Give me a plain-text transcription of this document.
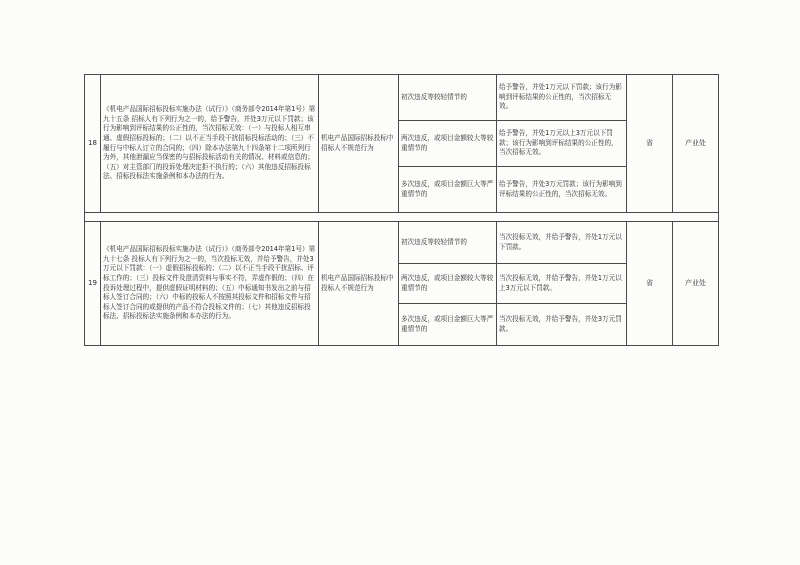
18	《机电产品国际招标投标实施办法（试行）》（商务部令2014年第1号）第九十五条 招标人有下列行为之一的，给予警告，并处3万元以下罚款；该行为影响到评标结果的公正性的，当次招标无效：（一）与投标人相互串通、虚假招标投标的；（二）以不正当手段干扰招标投标活动的；（三）不履行与中标人订立的合同的；（四）除本办法第九十四条第十二项所列行为外，其他泄漏应当保密的与招标投标活动有关的情况、材料或信息的；（五）对主管部门的投诉处理决定拒不执行的；（六）其他违反招标投标法、招标投标法实施条例和本办法的行为。	机电产品国际招标投标中招标人不规范行为	初次违反等较轻情节的	给予警告，并处1万元以下罚款；该行为影响到评标结果的公正性的，当次招标无效。	省	产业处
			两次违反，或项目金额较大等较重情节的	给予警告，并处1万元以上3万元以下罚款；该行为影响到评标结果的公正性的，当次招标无效。		
			多次违反，或项目金额巨大等严重情节的	给予警告，并处3万元罚款；该行为影响到评标结果的公正性的，当次招标无效。		

19	《机电产品国际招标投标实施办法（试行）》（商务部令2014年第1号）第九十七条 投标人有下列行为之一的，当次投标无效，并给予警告，并处3万元以下罚款：（一）虚假招标投标的；（二）以不正当手段干扰招标、评标工作的；（三）投标文件及澄清资料与事实不符，弄虚作假的；（四）在投诉处理过程中，提供虚假证明材料的；（五）中标通知书发出之前与招标人签订合同的；（六）中标的投标人不按照其投标文件和招标文件与招标人签订合同的或提供的产品不符合投标文件的；（七）其他违反招标投标法、招标投标法实施条例和本办法的行为。	机电产品国际招标投标中投标人不规范行为	初次违反等较轻情节的	当次投标无效，并给予警告，并处1万元以下罚款。	省	产业处
			两次违反，或项目金额较大等较重情节的	当次投标无效，并给予警告，并处1万元以上3万元以下罚款。		
			多次违反，或项目金额巨大等严重情节的	当次投标无效，并给予警告，并处3万元罚款。		
